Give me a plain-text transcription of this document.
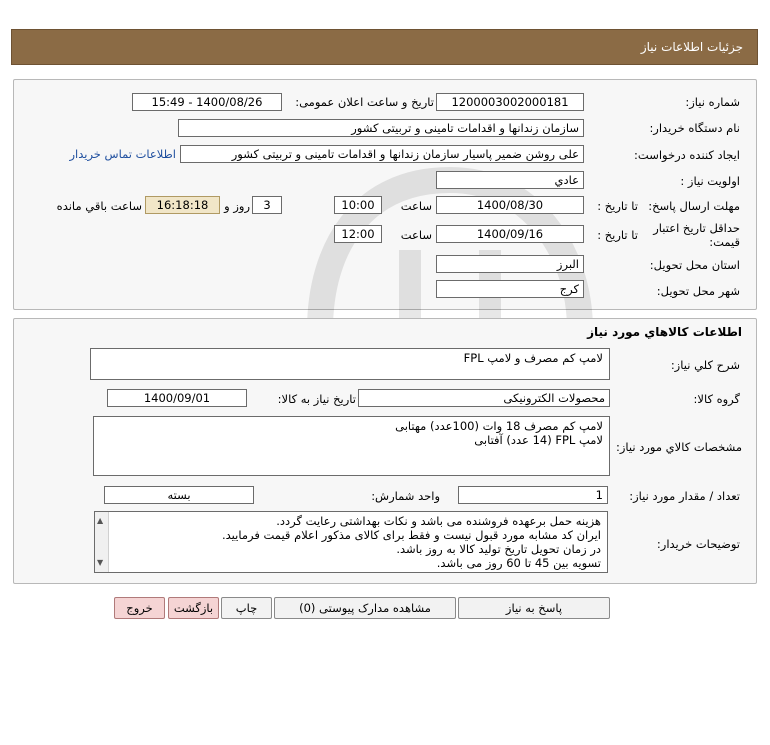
جزئیات اطلاعات نیاز
شماره نیاز:
1200003002000181
تاریخ و ساعت اعلان عمومی:
1400/08/26 - 15:49
نام دستگاه خریدار:
سازمان زندانها و اقدامات تامینی و تربیتی کشور
ایجاد کننده درخواست:
علی روشن ضمیر پاسیار سازمان زندانها و اقدامات تامینی و تربیتی کشور
اطلاعات تماس خریدار
اولویت نیاز :
عادي
مهلت ارسال پاسخ:
تا تاریخ :
1400/08/30
ساعت
10:00
3
روز و
16:18:18
ساعت باقي مانده
حداقل تاریخ اعتبار
قیمت:
تا تاریخ :
1400/09/16
ساعت
12:00
استان محل تحویل:
البرز
شهر محل تحویل:
کرج
اطلاعات کالاهاي مورد نياز
شرح کلي نياز:
لامپ کم مصرف و لامپ FPL
گروه کالا:
محصولات الکترونیکی
تاریخ نیاز به کالا:
1400/09/01
مشخصات کالاي مورد نياز:
لامپ کم مصرف 18 وات (100عدد) مهتابی
لامپ FPL (14 عدد) آفتابی
تعداد / مقدار مورد نیاز:
1
واحد شمارش:
بسته
توضیحات خریدار:
▲
▼
هزینه حمل برعهده فروشنده می باشد و نکات بهداشتی رعایت گردد.
ایران کد مشابه مورد قبول نیست و فقط برای کالای مذکور اعلام قیمت فرمایید.
در زمان تحویل تاریخ تولید کالا به روز باشد.
تسویه بین 45 تا 60 روز می باشد.
پاسخ به نیاز
مشاهده مدارک پیوستی (0)
چاپ
بازگشت
خروج
